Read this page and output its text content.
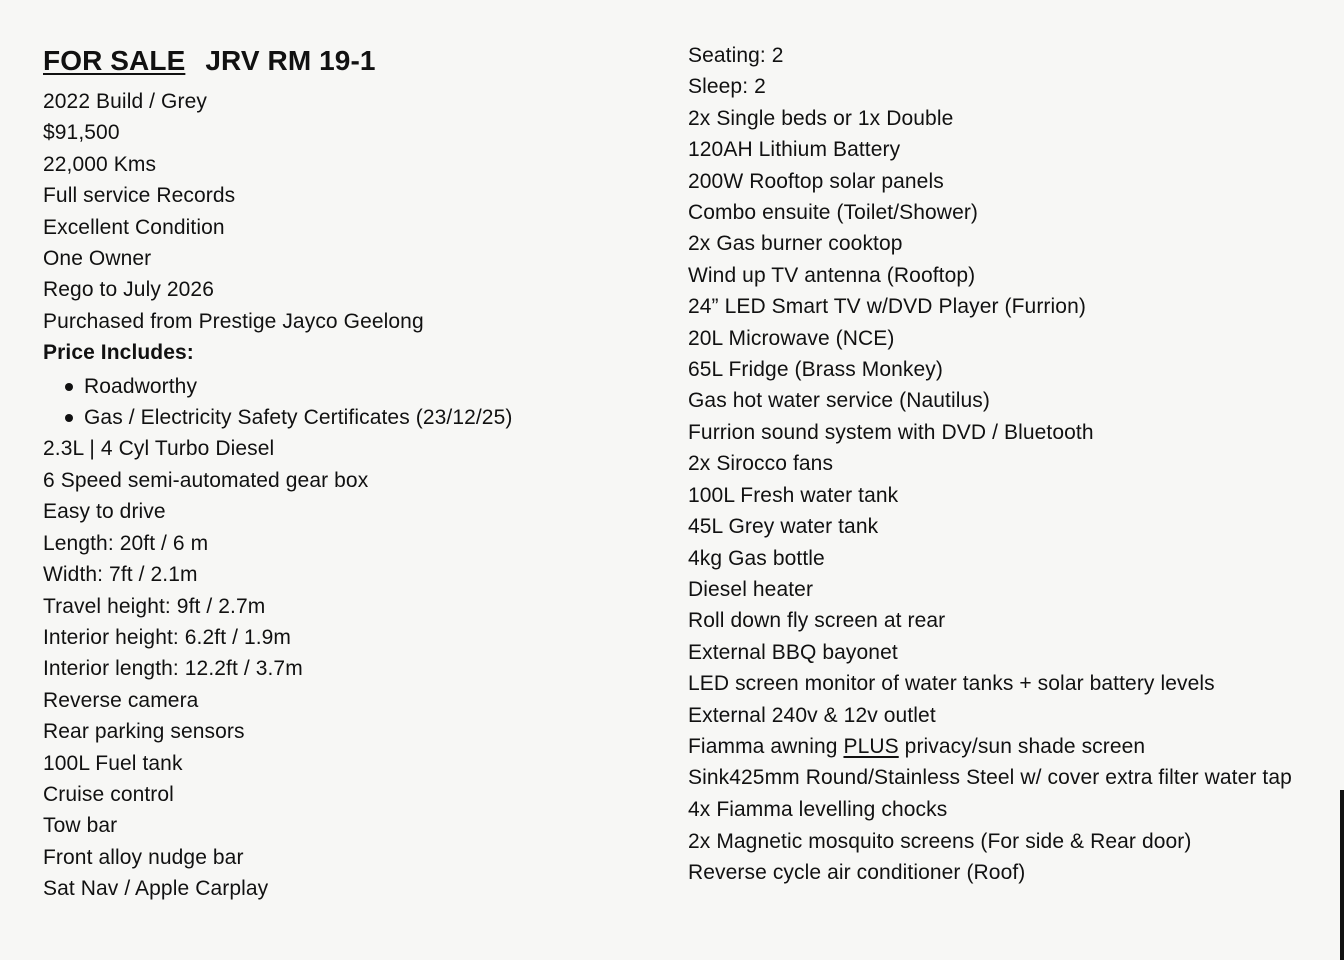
FOR SALE JRV RM 19-1
2022 Build / Grey
$91,500
22,000 Kms
Full service Records
Excellent Condition
One Owner
Rego to July 2026
Purchased from Prestige Jayco Geelong
Price Includes:
Roadworthy
Gas / Electricity Safety Certificates (23/12/25)
2.3L | 4 Cyl Turbo Diesel
6 Speed semi-automated gear box
Easy to drive
Length: 20ft / 6 m
Width: 7ft / 2.1m
Travel height: 9ft / 2.7m
Interior height: 6.2ft / 1.9m
Interior length: 12.2ft / 3.7m
Reverse camera
Rear parking sensors
100L Fuel tank
Cruise control
Tow bar
Front alloy nudge bar
Sat Nav / Apple Carplay
Seating: 2
Sleep: 2
2x Single beds or 1x Double
120AH Lithium Battery
200W Rooftop solar panels
Combo ensuite (Toilet/Shower)
2x Gas burner cooktop
Wind up TV antenna (Rooftop)
24” LED Smart TV w/DVD Player (Furrion)
20L Microwave (NCE)
65L Fridge (Brass Monkey)
Gas hot water service (Nautilus)
Furrion sound system with DVD / Bluetooth
2x Sirocco fans
100L Fresh water tank
45L Grey water tank
4kg Gas bottle
Diesel heater
Roll down fly screen at rear
External BBQ bayonet
LED screen monitor of water tanks + solar battery levels
External 240v & 12v outlet
Fiamma awning PLUS privacy/sun shade screen
Sink425mm Round/Stainless Steel w/ cover extra filter water tap
4x Fiamma levelling chocks
2x Magnetic mosquito screens (For side & Rear door)
Reverse cycle air conditioner (Roof)
